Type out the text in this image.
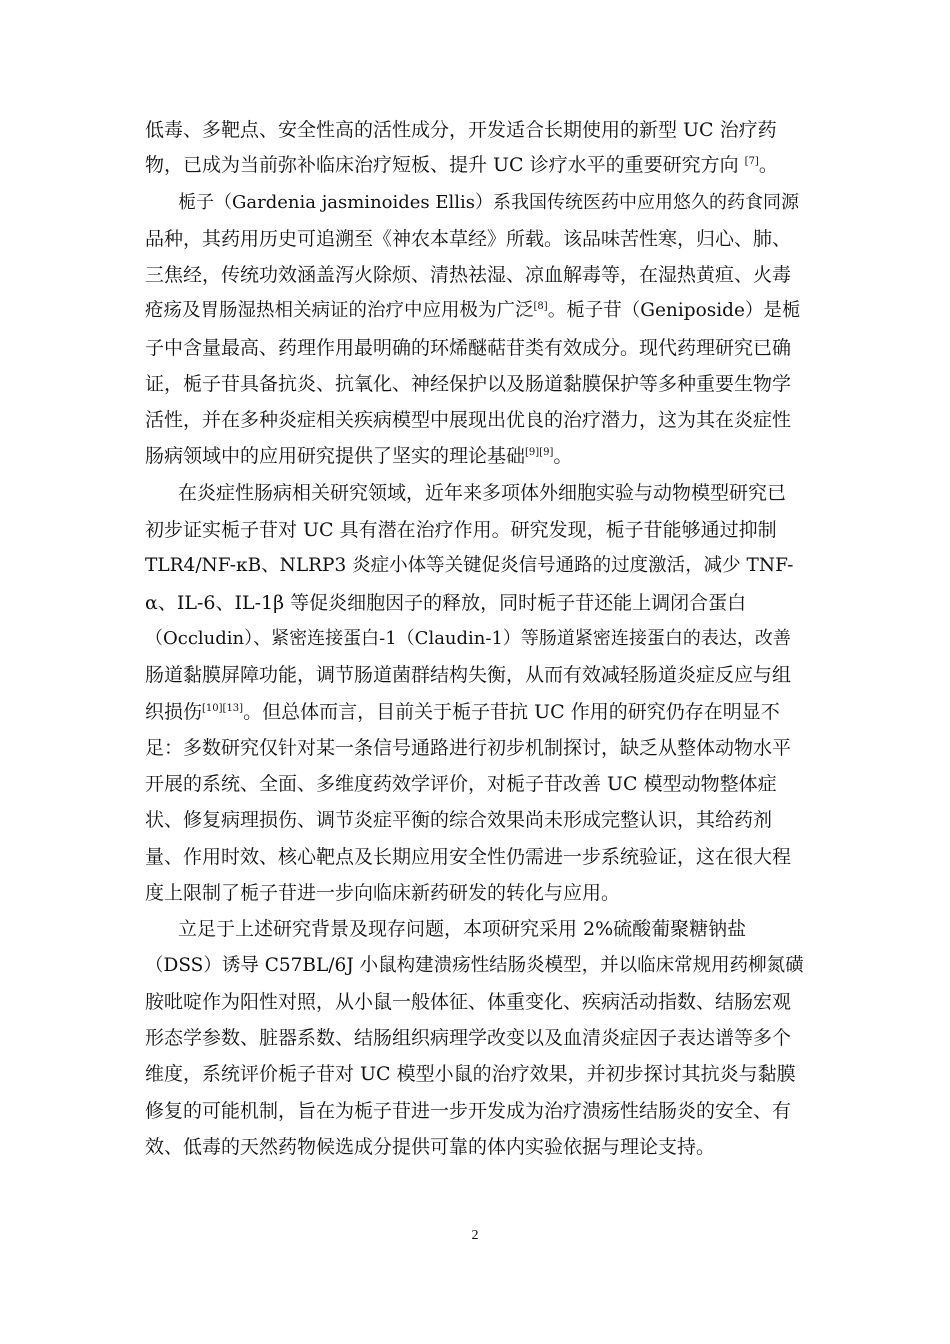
低毒、多靶点、安全性高的活性成分，开发适合长期使用的新型 UC 治疗药
物，已成为当前弥补临床治疗短板、提升 UC 诊疗水平的重要研究方向 [7]。
栀子（Gardenia jasminoides Ellis）系我国传统医药中应用悠久的药食同源
品种，其药用历史可追溯至《神农本草经》所载。该品味苦性寒，归心、肺、
三焦经，传统功效涵盖泻火除烦、清热祛湿、凉血解毒等，在湿热黄疸、火毒
疮疡及胃肠湿热相关病证的治疗中应用极为广泛[8]。栀子苷（Geniposide）是栀
子中含量最高、药理作用最明确的环烯醚萜苷类有效成分。现代药理研究已确
证，栀子苷具备抗炎、抗氧化、神经保护以及肠道黏膜保护等多种重要生物学
活性，并在多种炎症相关疾病模型中展现出优良的治疗潜力，这为其在炎症性
肠病领域中的应用研究提供了坚实的理论基础[9][9]。
在炎症性肠病相关研究领域，近年来多项体外细胞实验与动物模型研究已
初步证实栀子苷对 UC 具有潜在治疗作用。研究发现，栀子苷能够通过抑制
TLR4/NF-κB、NLRP3 炎症小体等关键促炎信号通路的过度激活，减少 TNF-
α、IL-6、IL-1β 等促炎细胞因子的释放，同时栀子苷还能上调闭合蛋白
（Occludin）、紧密连接蛋白-1（Claudin-1）等肠道紧密连接蛋白的表达，改善
肠道黏膜屏障功能，调节肠道菌群结构失衡，从而有效减轻肠道炎症反应与组
织损伤[10][13]。但总体而言，目前关于栀子苷抗 UC 作用的研究仍存在明显不
足：多数研究仅针对某一条信号通路进行初步机制探讨，缺乏从整体动物水平
开展的系统、全面、多维度药效学评价，对栀子苷改善 UC 模型动物整体症
状、修复病理损伤、调节炎症平衡的综合效果尚未形成完整认识，其给药剂
量、作用时效、核心靶点及长期应用安全性仍需进一步系统验证，这在很大程
度上限制了栀子苷进一步向临床新药研发的转化与应用。
立足于上述研究背景及现存问题，本项研究采用 2%硫酸葡聚糖钠盐
（DSS）诱导 C57BL/6J 小鼠构建溃疡性结肠炎模型，并以临床常规用药柳氮磺
胺吡啶作为阳性对照，从小鼠一般体征、体重变化、疾病活动指数、结肠宏观
形态学参数、脏器系数、结肠组织病理学改变以及血清炎症因子表达谱等多个
维度，系统评价栀子苷对 UC 模型小鼠的治疗效果，并初步探讨其抗炎与黏膜
修复的可能机制，旨在为栀子苷进一步开发成为治疗溃疡性结肠炎的安全、有
效、低毒的天然药物候选成分提供可靠的体内实验依据与理论支持。
2
